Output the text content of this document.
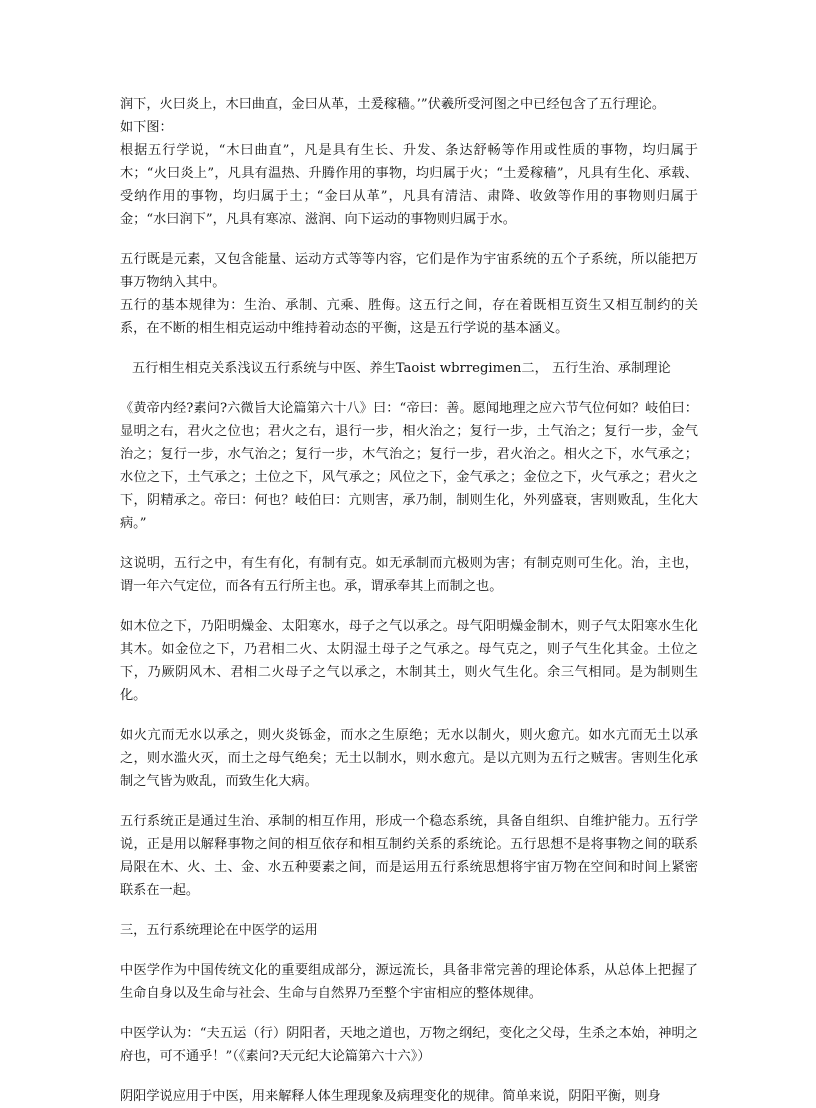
润下，火曰炎上，木曰曲直，金曰从革，土爰稼穑。’”伏羲所受河图之中已经包含了五行理论。

如下图：

根据五行学说，“木曰曲直”，凡是具有生长、升发、条达舒畅等作用或性质的事物，均归属于木；“火曰炎上”，凡具有温热、升腾作用的事物，均归属于火；“土爰稼穑”，凡具有生化、承载、受纳作用的事物，均归属于土；“金曰从革”，凡具有清洁、肃降、收敛等作用的事物则归属于金；“水曰润下”，凡具有寒凉、滋润、向下运动的事物则归属于水。

五行既是元素，又包含能量、运动方式等等内容，它们是作为宇宙系统的五个子系统，所以能把万事万物纳入其中。

五行的基本规律为：生治、承制、亢乘、胜侮。这五行之间，存在着既相互资生又相互制约的关系，在不断的相生相克运动中维持着动态的平衡，这是五行学说的基本涵义。

五行相生相克关系浅议五行系统与中医、养生Taoist wbrregimen二， 五行生治、承制理论

《黄帝内经?素问?六微旨大论篇第六十八》曰：“帝曰：善。愿闻地理之应六节气位何如？岐伯曰：显明之右，君火之位也；君火之右，退行一步，相火治之；复行一步，土气治之；复行一步，金气治之；复行一步，水气治之；复行一步，木气治之；复行一步，君火治之。相火之下，水气承之；水位之下，土气承之；土位之下，风气承之；风位之下，金气承之；金位之下，火气承之；君火之下，阴精承之。帝曰：何也？岐伯曰：亢则害，承乃制，制则生化，外列盛衰，害则败乱，生化大病。”

这说明，五行之中，有生有化，有制有克。如无承制而亢极则为害；有制克则可生化。治，主也，谓一年六气定位，而各有五行所主也。承，谓承奉其上而制之也。

如木位之下，乃阳明燥金、太阳寒水，母子之气以承之。母气阳明燥金制木，则子气太阳寒水生化其木。如金位之下，乃君相二火、太阴湿土母子之气承之。母气克之，则子气生化其金。土位之下，乃厥阴风木、君相二火母子之气以承之，木制其土，则火气生化。余三气相同。是为制则生化。

如火亢而无水以承之，则火炎铄金，而水之生原绝；无水以制火，则火愈亢。如水亢而无土以承之，则水滥火灭，而土之母气绝矣；无土以制水，则水愈亢。是以亢则为五行之贼害。害则生化承制之气皆为败乱，而致生化大病。

五行系统正是通过生治、承制的相互作用，形成一个稳态系统，具备自组织、自维护能力。五行学说，正是用以解释事物之间的相互依存和相互制约关系的系统论。五行思想不是将事物之间的联系局限在木、火、土、金、水五种要素之间，而是运用五行系统思想将宇宙万物在空间和时间上紧密联系在一起。

三，五行系统理论在中医学的运用

中医学作为中国传统文化的重要组成部分，源远流长，具备非常完善的理论体系，从总体上把握了生命自身以及生命与社会、生命与自然界乃至整个宇宙相应的整体规律。

中医学认为：“夫五运（行）阴阳者，天地之道也，万物之纲纪，变化之父母，生杀之本始，神明之府也，可不通乎！”（《素问?天元纪大论篇第六十六》）

阴阳学说应用于中医，用来解释人体生理现象及病理变化的规律。简单来说，阴阳平衡，则身
